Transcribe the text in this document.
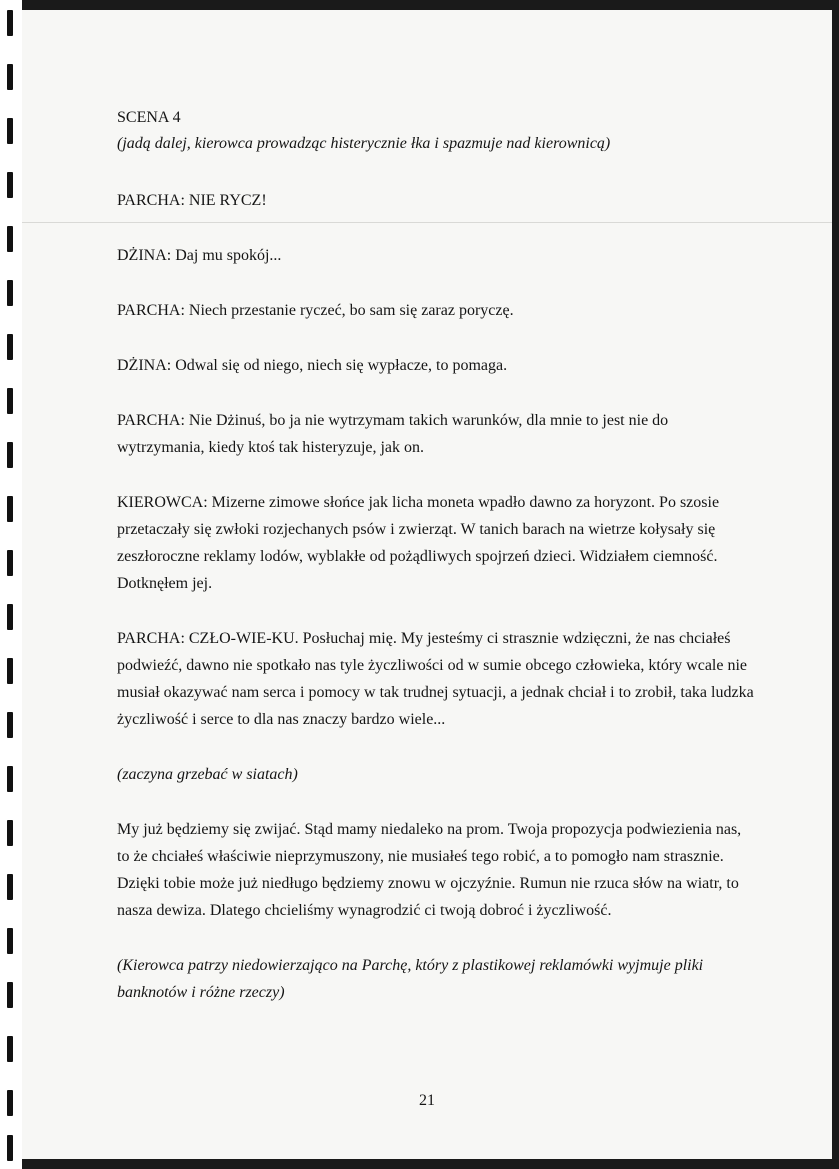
SCENA 4

(jadą dalej, kierowca prowadząc histerycznie łka i spazmuje nad kierownicą)

PARCHA: NIE RYCZ!

DŻINA: Daj mu spokój...

PARCHA: Niech przestanie ryczeć, bo sam się zaraz poryczę.

DŻINA: Odwal się od niego, niech się wypłacze, to pomaga.

PARCHA: Nie Dżinuś, bo ja nie wytrzymam takich warunków, dla mnie to jest nie do wytrzymania, kiedy ktoś tak histeryzuje, jak on.

KIEROWCA: Mizerne zimowe słońce jak licha moneta wpadło dawno za horyzont. Po szosie przetaczały się zwłoki rozjechanych psów i zwierząt. W tanich barach na wietrze kołysały się zeszłoroczne reklamy lodów, wyblakłe od pożądliwych spojrzeń dzieci. Widziałem ciemność. Dotknęłem jej.

PARCHA: CZŁO-WIE-KU. Posłuchaj mię. My jesteśmy ci strasznie wdzięczni, że nas chciałeś podwieźć, dawno nie spotkało nas tyle życzliwości od w sumie obcego człowieka, który wcale nie musiał okazywać nam serca i pomocy w tak trudnej sytuacji, a jednak chciał i to zrobił, taka ludzka życzliwość i serce to dla nas znaczy bardzo wiele...

(zaczyna grzebać w siatach)

My już będziemy się zwijać. Stąd mamy niedaleko na prom. Twoja propozycja podwiezienia nas, to że chciałeś właściwie nieprzymuszony, nie musiałeś tego robić, a to pomogło nam strasznie. Dzięki tobie może już niedługo będziemy znowu w ojczyźnie. Rumun nie rzuca słów na wiatr, to nasza dewiza. Dlatego chcieliśmy wynagrodzić ci twoją dobroć i życzliwość.

(Kierowca patrzy niedowierzająco na Parchę, który z plastikowej reklamówki wyjmuje pliki banknotów i różne rzeczy)

21
